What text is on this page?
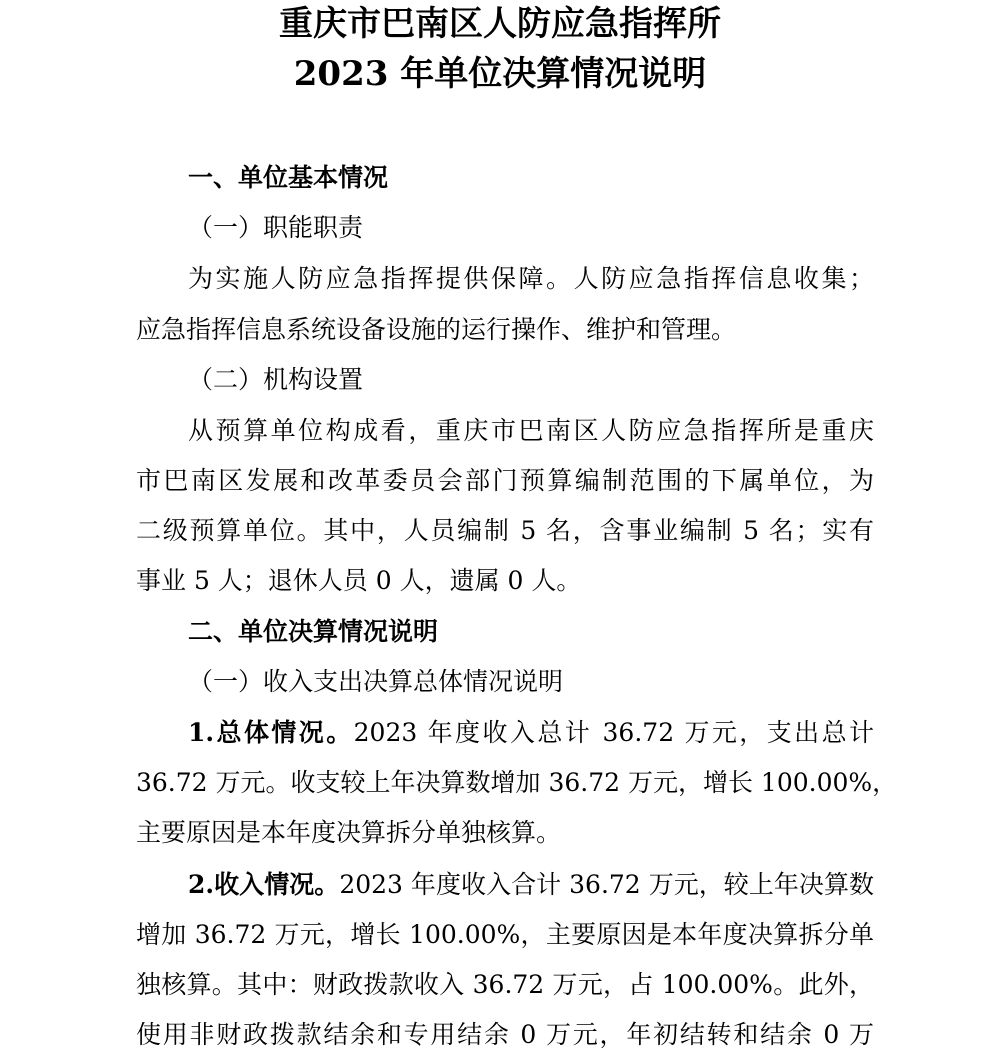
重庆市巴南区人防应急指挥所
2023 年单位决算情况说明
一、单位基本情况
（一）职能职责
为实施人防应急指挥提供保障。人防应急指挥信息收集；
应急指挥信息系统设备设施的运行操作、维护和管理。
（二）机构设置
从预算单位构成看，重庆市巴南区人防应急指挥所是重庆
市巴南区发展和改革委员会部门预算编制范围的下属单位，为
二级预算单位。其中，人员编制 5 名，含事业编制 5 名；实有
事业 5 人；退休人员 0 人，遗属 0 人。
二、单位决算情况说明
（一）收入支出决算总体情况说明
1.总体情况。2023 年度收入总计 36.72 万元，支出总计
36.72 万元。收支较上年决算数增加 36.72 万元，增长 100.00%，
主要原因是本年度决算拆分单独核算。
2.收入情况。2023 年度收入合计 36.72 万元，较上年决算数
增加 36.72 万元，增长 100.00%，主要原因是本年度决算拆分单
独核算。其中：财政拨款收入 36.72 万元，占 100.00%。此外，
使用非财政拨款结余和专用结余 0 万元，年初结转和结余 0 万
